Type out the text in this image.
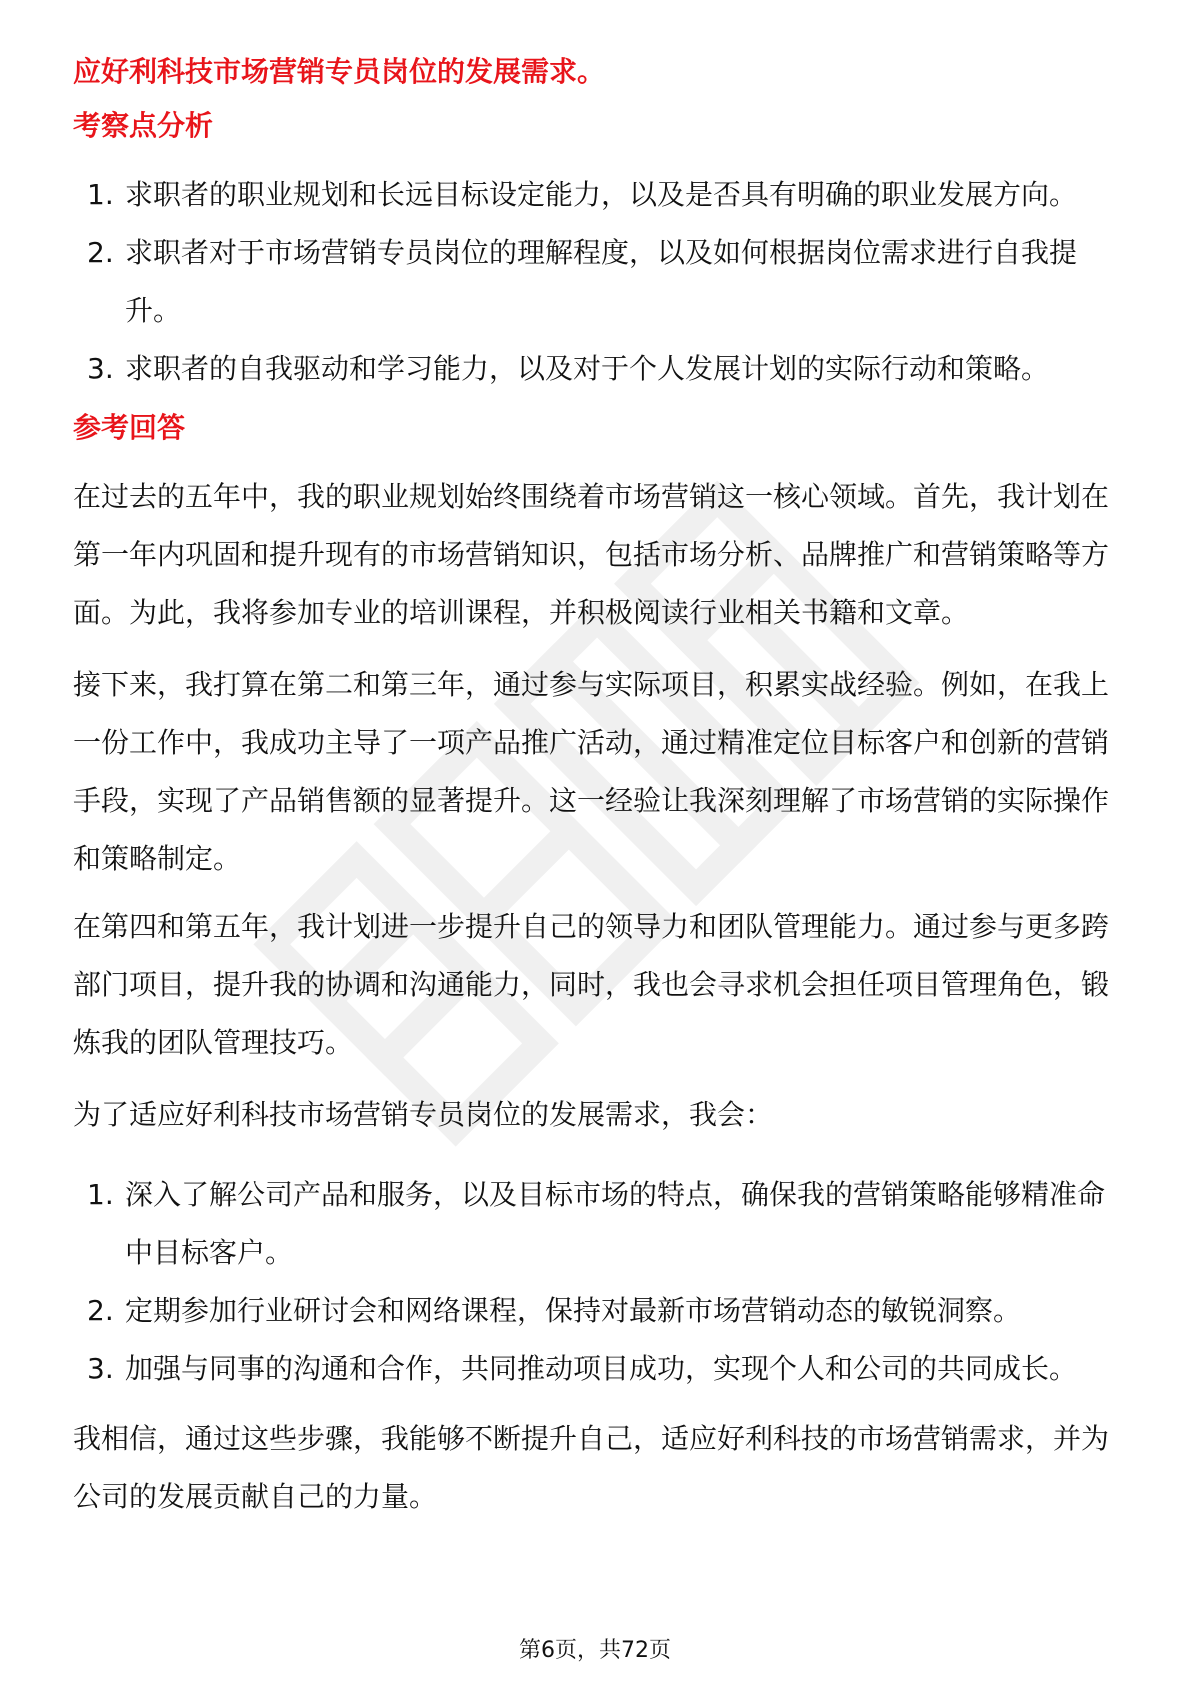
应好利科技市场营销专员岗位的发展需求。
考察点分析
1. 求职者的职业规划和长远目标设定能力，以及是否具有明确的职业发展方向。
2. 求职者对于市场营销专员岗位的理解程度，以及如何根据岗位需求进行自我提升。
3. 求职者的自我驱动和学习能力，以及对于个人发展计划的实际行动和策略。
参考回答

在过去的五年中，我的职业规划始终围绕着市场营销这一核心领域。首先，我计划在第一年内巩固和提升现有的市场营销知识，包括市场分析、品牌推广和营销策略等方面。为此，我将参加专业的培训课程，并积极阅读行业相关书籍和文章。

接下来，我打算在第二和第三年，通过参与实际项目，积累实战经验。例如，在我上一份工作中，我成功主导了一项产品推广活动，通过精准定位目标客户和创新的营销手段，实现了产品销售额的显著提升。这一经验让我深刻理解了市场营销的实际操作和策略制定。

在第四和第五年，我计划进一步提升自己的领导力和团队管理能力。通过参与更多跨部门项目，提升我的协调和沟通能力，同时，我也会寻求机会担任项目管理角色，锻炼我的团队管理技巧。

为了适应好利科技市场营销专员岗位的发展需求，我会：

1. 深入了解公司产品和服务，以及目标市场的特点，确保我的营销策略能够精准命中目标客户。
2. 定期参加行业研讨会和网络课程，保持对最新市场营销动态的敏锐洞察。
3. 加强与同事的沟通和合作，共同推动项目成功，实现个人和公司的共同成长。

我相信，通过这些步骤，我能够不断提升自己，适应好利科技的市场营销需求，并为公司的发展贡献自己的力量。

第6页，共72页
